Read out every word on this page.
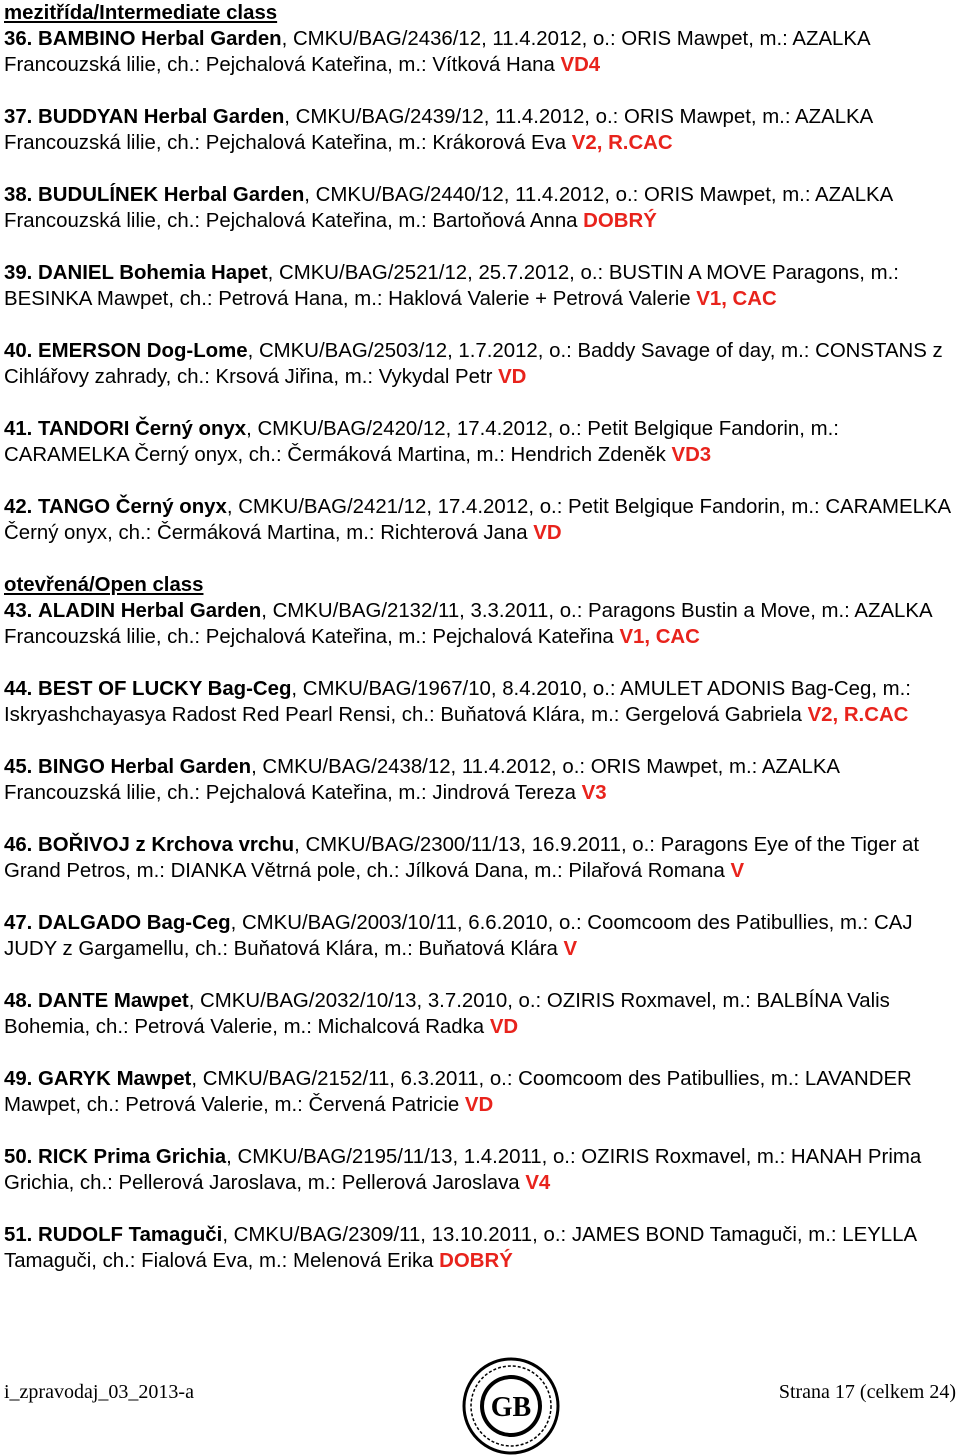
mezitřída/Intermediate class
36. BAMBINO Herbal Garden, CMKU/BAG/2436/12, 11.4.2012, o.: ORIS Mawpet, m.: AZALKA Francouzská lilie, ch.: Pejchalová Kateřina, m.: Vítková Hana VD4
37. BUDDYAN Herbal Garden, CMKU/BAG/2439/12, 11.4.2012, o.: ORIS Mawpet, m.: AZALKA Francouzská lilie, ch.: Pejchalová Kateřina, m.: Krákorová Eva V2, R.CAC
38. BUDULÍNEK Herbal Garden, CMKU/BAG/2440/12, 11.4.2012, o.: ORIS Mawpet, m.: AZALKA Francouzská lilie, ch.: Pejchalová Kateřina, m.: Bartoňová Anna DOBRÝ
39. DANIEL Bohemia Hapet, CMKU/BAG/2521/12, 25.7.2012, o.: BUSTIN A MOVE Paragons, m.: BESINKA Mawpet, ch.: Petrová Hana, m.: Haklová Valerie + Petrová Valerie V1, CAC
40. EMERSON Dog-Lome, CMKU/BAG/2503/12, 1.7.2012, o.: Baddy Savage of day, m.: CONSTANS z Cihlářovy zahrady, ch.: Krsová Jiřina, m.: Vykydal Petr VD
41. TANDORI Černý onyx, CMKU/BAG/2420/12, 17.4.2012, o.: Petit Belgique Fandorin, m.: CARAMELKA Černý onyx, ch.: Čermáková Martina, m.: Hendrich Zdeněk VD3
42. TANGO Černý onyx, CMKU/BAG/2421/12, 17.4.2012, o.: Petit Belgique Fandorin, m.: CARAMELKA Černý onyx, ch.: Čermáková Martina, m.: Richterová Jana VD
otevřená/Open class
43. ALADIN Herbal Garden, CMKU/BAG/2132/11, 3.3.2011, o.: Paragons Bustin a Move, m.: AZALKA Francouzská lilie, ch.: Pejchalová Kateřina, m.: Pejchalová Kateřina V1, CAC
44. BEST OF LUCKY Bag-Ceg, CMKU/BAG/1967/10, 8.4.2010, o.: AMULET ADONIS Bag-Ceg, m.: Iskryashchayasya Radost Red Pearl Rensi, ch.: Buňatová Klára, m.: Gergelová Gabriela V2, R.CAC
45. BINGO Herbal Garden, CMKU/BAG/2438/12, 11.4.2012, o.: ORIS Mawpet, m.: AZALKA Francouzská lilie, ch.: Pejchalová Kateřina, m.: Jindrová Tereza V3
46. BOŘIVOJ z Krchova vrchu, CMKU/BAG/2300/11/13, 16.9.2011, o.: Paragons Eye of the Tiger at Grand Petros, m.: DIANKA Větrná pole, ch.: Jílková Dana, m.: Pilařová Romana V
47. DALGADO Bag-Ceg, CMKU/BAG/2003/10/11, 6.6.2010, o.: Coomcoom des Patibullies, m.: CAJ JUDY z Gargamellu, ch.: Buňatová Klára, m.: Buňatová Klára V
48. DANTE Mawpet, CMKU/BAG/2032/10/13, 3.7.2010, o.: OZIRIS Roxmavel, m.: BALBÍNA Valis Bohemia, ch.: Petrová Valerie, m.: Michalcová Radka VD
49. GARYK Mawpet, CMKU/BAG/2152/11, 6.3.2011, o.: Coomcoom des Patibullies, m.: LAVANDER Mawpet, ch.: Petrová Valerie, m.: Červená Patricie VD
50. RICK Prima Grichia, CMKU/BAG/2195/11/13, 1.4.2011, o.: OZIRIS Roxmavel, m.: HANAH Prima Grichia, ch.: Pellerová Jaroslava, m.: Pellerová Jaroslava V4
51. RUDOLF Tamaguči, CMKU/BAG/2309/11, 13.10.2011, o.: JAMES BOND Tamaguči, m.: LEYLLA Tamaguči, ch.: Fialová Eva, m.: Melenová Erika DOBRÝ
i_zpravodaj_03_2013-a	Strana 17 (celkem 24)
GB
